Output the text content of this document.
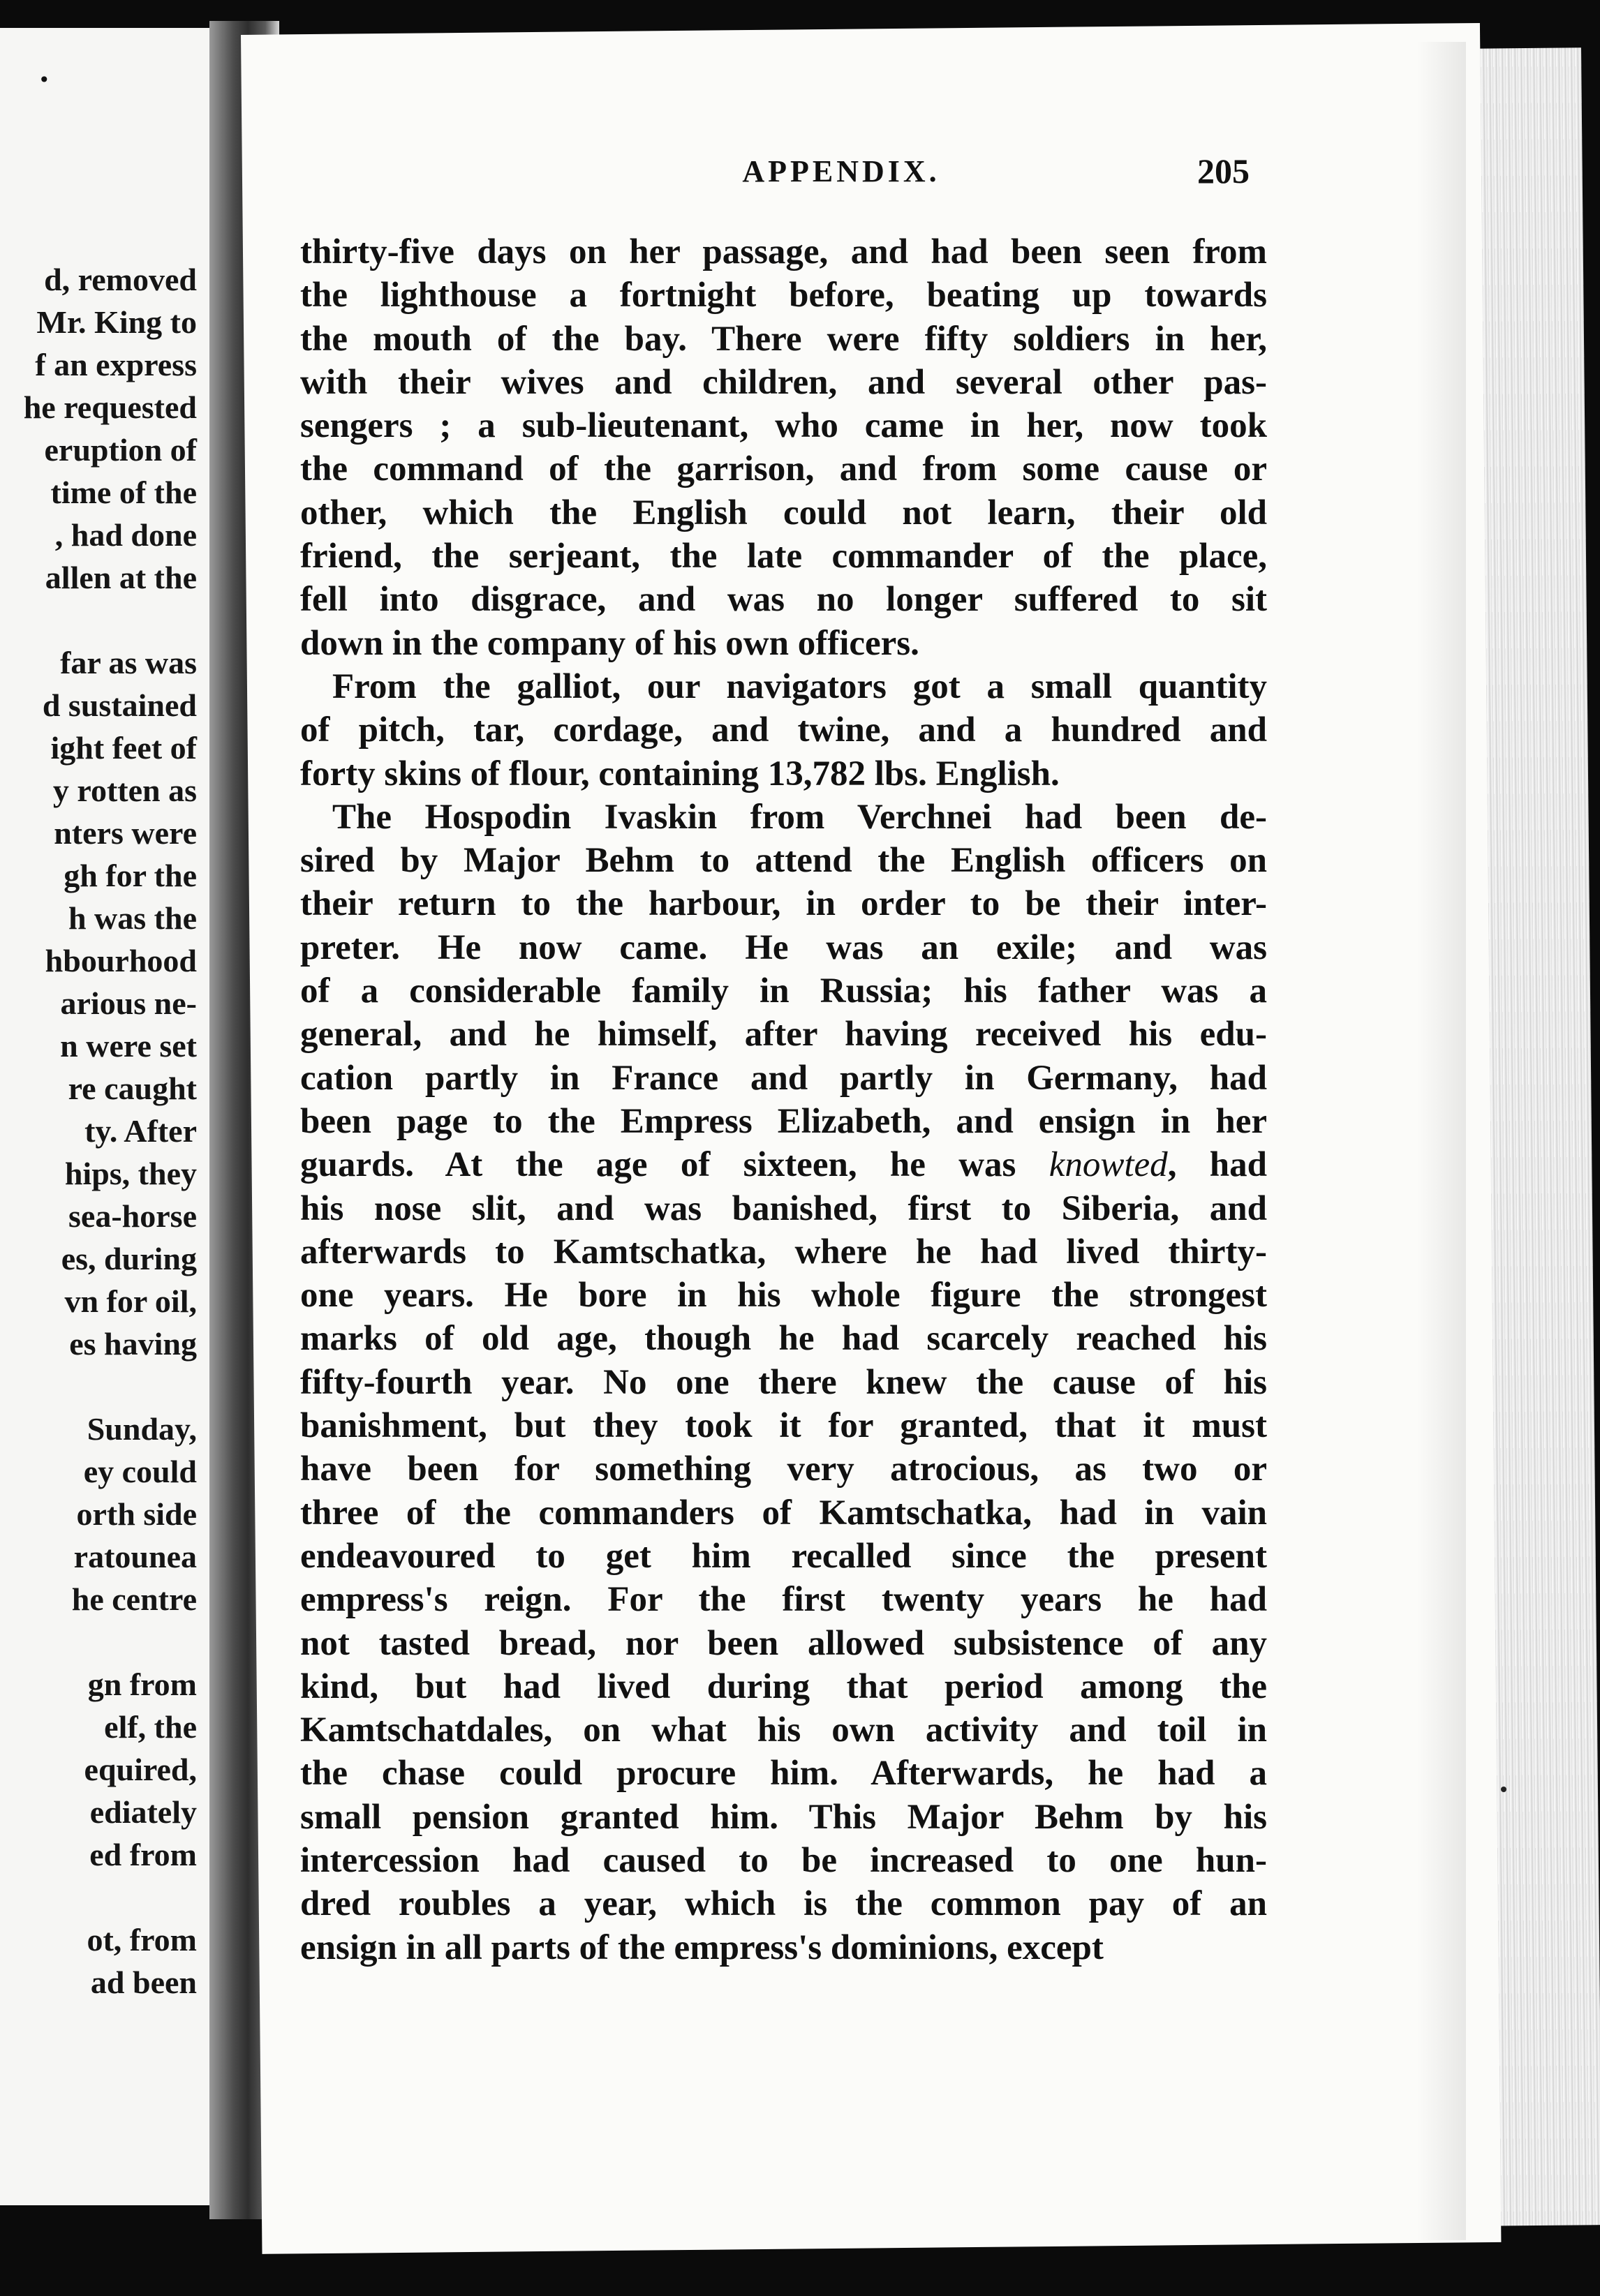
•
d, removed
Mr. King to
f an express
he requested
eruption of
time of the
, had done
allen at the
far as was
d sustained
ight feet of
y rotten as
nters were
gh for the
h was the
hbourhood
arious ne-
n were set
re caught
ty. After
hips, they
sea-horse
es, during
vn for oil,
es having
Sunday,
ey could
orth side
ratounea
he centre
gn from
elf, the
equired,
ediately
ed from
ot, from
ad been
APPENDIX.	205
thirty-five days on her passage, and had been seen from
the lighthouse a fortnight before, beating up towards
the mouth of the bay. There were fifty soldiers in her,
with their wives and children, and several other pas-
sengers ; a sub-lieutenant, who came in her, now took
the command of the garrison, and from some cause or
other, which the English could not learn, their old
friend, the serjeant, the late commander of the place,
fell into disgrace, and was no longer suffered to sit
down in the company of his own officers.
From the galliot, our navigators got a small quantity
of pitch, tar, cordage, and twine, and a hundred and
forty skins of flour, containing 13,782 lbs. English.
The Hospodin Ivaskin from Verchnei had been de-
sired by Major Behm to attend the English officers on
their return to the harbour, in order to be their inter-
preter. He now came. He was an exile; and was
of a considerable family in Russia; his father was a
general, and he himself, after having received his edu-
cation partly in France and partly in Germany, had
been page to the Empress Elizabeth, and ensign in her
guards. At the age of sixteen, he was knowted, had
his nose slit, and was banished, first to Siberia, and
afterwards to Kamtschatka, where he had lived thirty-
one years. He bore in his whole figure the strongest
marks of old age, though he had scarcely reached his
fifty-fourth year. No one there knew the cause of his
banishment, but they took it for granted, that it must
have been for something very atrocious, as two or
three of the commanders of Kamtschatka, had in vain
endeavoured to get him recalled since the present
empress's reign. For the first twenty years he had
not tasted bread, nor been allowed subsistence of any
kind, but had lived during that period among the
Kamtschatdales, on what his own activity and toil in
the chase could procure him. Afterwards, he had a
small pension granted him. This Major Behm by his
intercession had caused to be increased to one hun-
dred roubles a year, which is the common pay of an
ensign in all parts of the empress's dominions, except
